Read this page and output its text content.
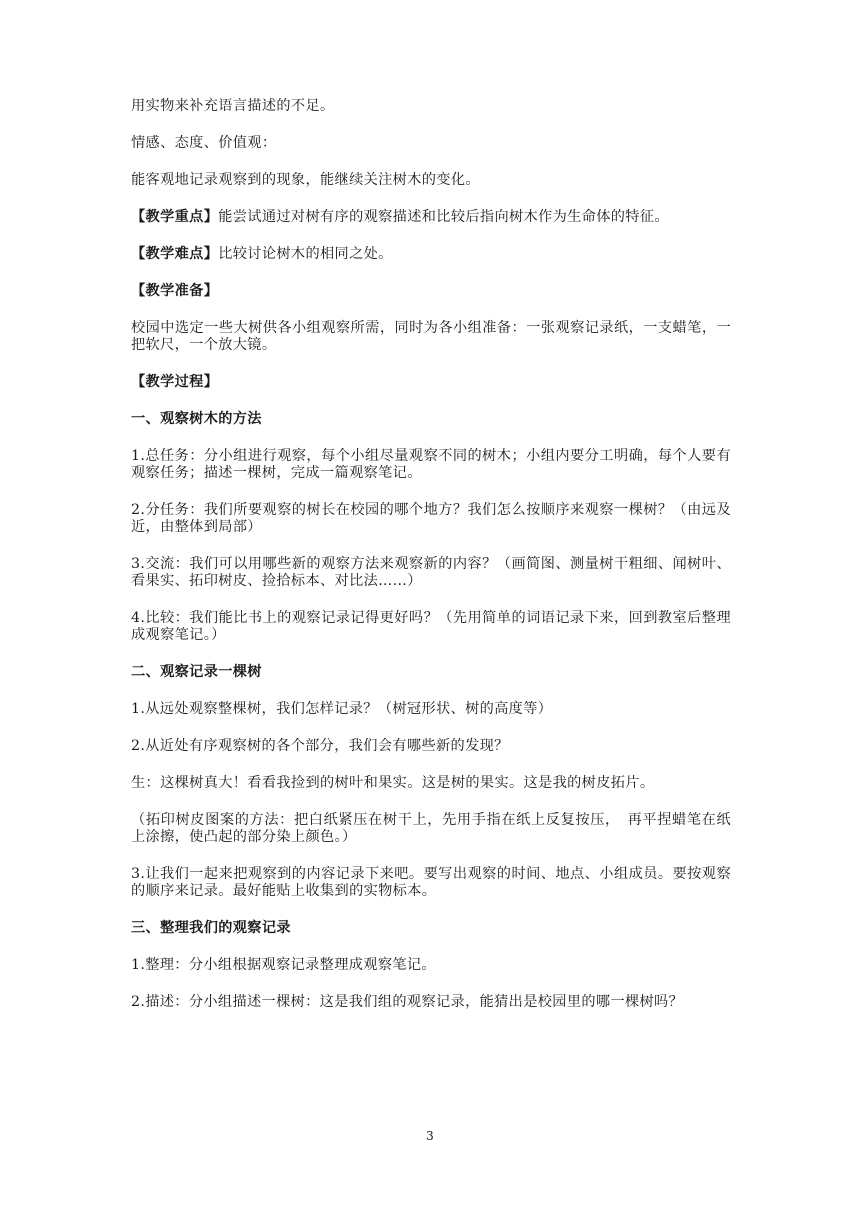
用实物来补充语言描述的不足。

情感、态度、价值观：

能客观地记录观察到的现象，能继续关注树木的变化。

【教学重点】能尝试通过对树有序的观察描述和比较后指向树木作为生命体的特征。

【教学难点】比较讨论树木的相同之处。

【教学准备】

校园中选定一些大树供各小组观察所需，同时为各小组准备：一张观察记录纸，一支蜡笔，一把软尺，一个放大镜。

【教学过程】

一、观察树木的方法

1.总任务：分小组进行观察，每个小组尽量观察不同的树木；小组内要分工明确，每个人要有观察任务；描述一棵树，完成一篇观察笔记。

2.分任务：我们所要观察的树长在校园的哪个地方？我们怎么按顺序来观察一棵树？（由远及近，由整体到局部）

3.交流：我们可以用哪些新的观察方法来观察新的内容？（画简图、测量树干粗细、闻树叶、看果实、拓印树皮、捡拾标本、对比法……）

4.比较：我们能比书上的观察记录记得更好吗？（先用简单的词语记录下来，回到教室后整理成观察笔记。）

二、观察记录一棵树

1.从远处观察整棵树，我们怎样记录？（树冠形状、树的高度等）

2.从近处有序观察树的各个部分，我们会有哪些新的发现？

生：这棵树真大！看看我捡到的树叶和果实。这是树的果实。这是我的树皮拓片。

（拓印树皮图案的方法：把白纸紧压在树干上，先用手指在纸上反复按压，　再平捏蜡笔在纸上涂擦，使凸起的部分染上颜色。）

3.让我们一起来把观察到的内容记录下来吧。要写出观察的时间、地点、小组成员。要按观察的顺序来记录。最好能贴上收集到的实物标本。

三、整理我们的观察记录

1.整理：分小组根据观察记录整理成观察笔记。

2.描述：分小组描述一棵树：这是我们组的观察记录，能猜出是校园里的哪一棵树吗？

3
